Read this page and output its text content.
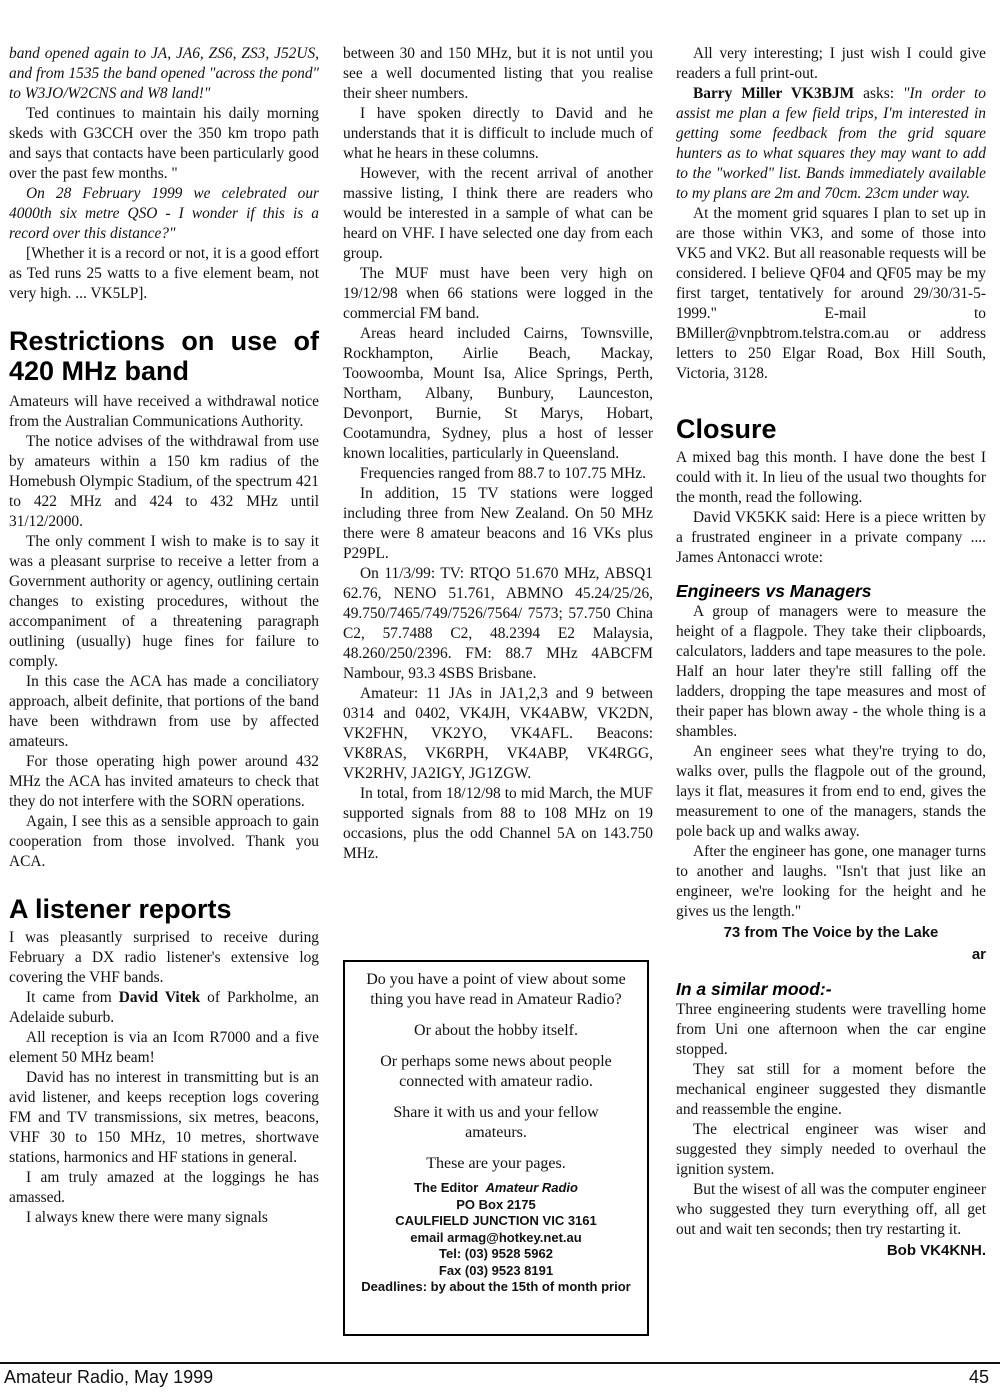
band opened again to JA, JA6, ZS6, ZS3, J52US, and from 1535 the band opened "across the pond" to W3JO/W2CNS and W8 land!"

Ted continues to maintain his daily morning skeds with G3CCH over the 350 km tropo path and says that contacts have been particularly good over the past few months. "

On 28 February 1999 we celebrated our 4000th six metre QSO - I wonder if this is a record over this distance?"

[Whether it is a record or not, it is a good effort as Ted runs 25 watts to a five element beam, not very high. ... VK5LP].

Restrictions on use of 420 MHz band

Amateurs will have received a withdrawal notice from the Australian Communications Authority.

The notice advises of the withdrawal from use by amateurs within a 150 km radius of the Homebush Olympic Stadium, of the spectrum 421 to 422 MHz and 424 to 432 MHz until 31/12/2000.

The only comment I wish to make is to say it was a pleasant surprise to receive a letter from a Government authority or agency, outlining certain changes to existing procedures, without the accompaniment of a threatening paragraph outlining (usually) huge fines for failure to comply.

In this case the ACA has made a conciliatory approach, albeit definite, that portions of the band have been withdrawn from use by affected amateurs.

For those operating high power around 432 MHz the ACA has invited amateurs to check that they do not interfere with the SORN operations.

Again, I see this as a sensible approach to gain cooperation from those involved. Thank you ACA.

A listener reports

I was pleasantly surprised to receive during February a DX radio listener's extensive log covering the VHF bands.

It came from David Vitek of Parkholme, an Adelaide suburb.

All reception is via an Icom R7000 and a five element 50 MHz beam!

David has no interest in transmitting but is an avid listener, and keeps reception logs covering FM and TV transmissions, six metres, beacons, VHF 30 to 150 MHz, 10 metres, shortwave stations, harmonics and HF stations in general.

I am truly amazed at the loggings he has amassed.

I always knew there were many signals

between 30 and 150 MHz, but it is not until you see a well documented listing that you realise their sheer numbers.

I have spoken directly to David and he understands that it is difficult to include much of what he hears in these columns.

However, with the recent arrival of another massive listing, I think there are readers who would be interested in a sample of what can be heard on VHF. I have selected one day from each group.

The MUF must have been very high on 19/12/98 when 66 stations were logged in the commercial FM band.

Areas heard included Cairns, Townsville, Rockhampton, Airlie Beach, Mackay, Toowoomba, Mount Isa, Alice Springs, Perth, Northam, Albany, Bunbury, Launceston, Devonport, Burnie, St Marys, Hobart, Cootamundra, Sydney, plus a host of lesser known localities, particularly in Queensland.

Frequencies ranged from 88.7 to 107.75 MHz.

In addition, 15 TV stations were logged including three from New Zealand. On 50 MHz there were 8 amateur beacons and 16 VKs plus P29PL.

On 11/3/99: TV: RTQO 51.670 MHz, ABSQ1 62.76, NENO 51.761, ABMNO 45.24/25/26, 49.750/7465/749/7526/7564/ 7573; 57.750 China C2, 57.7488 C2, 48.2394 E2 Malaysia, 48.260/250/2396. FM: 88.7 MHz 4ABCFM Nambour, 93.3 4SBS Brisbane.

Amateur: 11 JAs in JA1,2,3 and 9 between 0314 and 0402, VK4JH, VK4ABW, VK2DN, VK2FHN, VK2YO, VK4AFL. Beacons: VK8RAS, VK6RPH, VK4ABP, VK4RGG, VK2RHV, JA2IGY, JG1ZGW.

In total, from 18/12/98 to mid March, the MUF supported signals from 88 to 108 MHz on 19 occasions, plus the odd Channel 5A on 143.750 MHz.

Do you have a point of view about some thing you have read in Amateur Radio?

Or about the hobby itself.

Or perhaps some news about people connected with amateur radio.

Share it with us and your fellow amateurs.

These are your pages.

The Editor Amateur Radio
PO Box 2175
CAULFIELD JUNCTION VIC 3161
email armag@hotkey.net.au
Tel: (03) 9528 5962
Fax (03) 9523 8191
Deadlines: by about the 15th of month prior

All very interesting; I just wish I could give readers a full print-out.

Barry Miller VK3BJM asks: "In order to assist me plan a few field trips, I'm interested in getting some feedback from the grid square hunters as to what squares they may want to add to the "worked" list. Bands immediately available to my plans are 2m and 70cm. 23cm under way.

At the moment grid squares I plan to set up in are those within VK3, and some of those into VK5 and VK2. But all reasonable requests will be considered. I believe QF04 and QF05 may be my first target, tentatively for around 29/30/31-5-1999." E-mail to BMiller@vnpbtrom.telstra.com.au or address letters to 250 Elgar Road, Box Hill South, Victoria, 3128.

Closure

A mixed bag this month. I have done the best I could with it. In lieu of the usual two thoughts for the month, read the following.

David VK5KK said: Here is a piece written by a frustrated engineer in a private company .... James Antonacci wrote:

Engineers vs Managers

A group of managers were to measure the height of a flagpole. They take their clipboards, calculators, ladders and tape measures to the pole. Half an hour later they're still falling off the ladders, dropping the tape measures and most of their paper has blown away - the whole thing is a shambles.

An engineer sees what they're trying to do, walks over, pulls the flagpole out of the ground, lays it flat, measures it from end to end, gives the measurement to one of the managers, stands the pole back up and walks away.

After the engineer has gone, one manager turns to another and laughs. "Isn't that just like an engineer, we're looking for the height and he gives us the length."

73 from The Voice by the Lake
ar
In a similar mood:-

Three engineering students were travelling home from Uni one afternoon when the car engine stopped.

They sat still for a moment before the mechanical engineer suggested they dismantle and reassemble the engine.

The electrical engineer was wiser and suggested they simply needed to overhaul the ignition system.

But the wisest of all was the computer engineer who suggested they turn everything off, all get out and wait ten seconds; then try restarting it.

Bob VK4KNH.
Amateur Radio, May 1999	45
